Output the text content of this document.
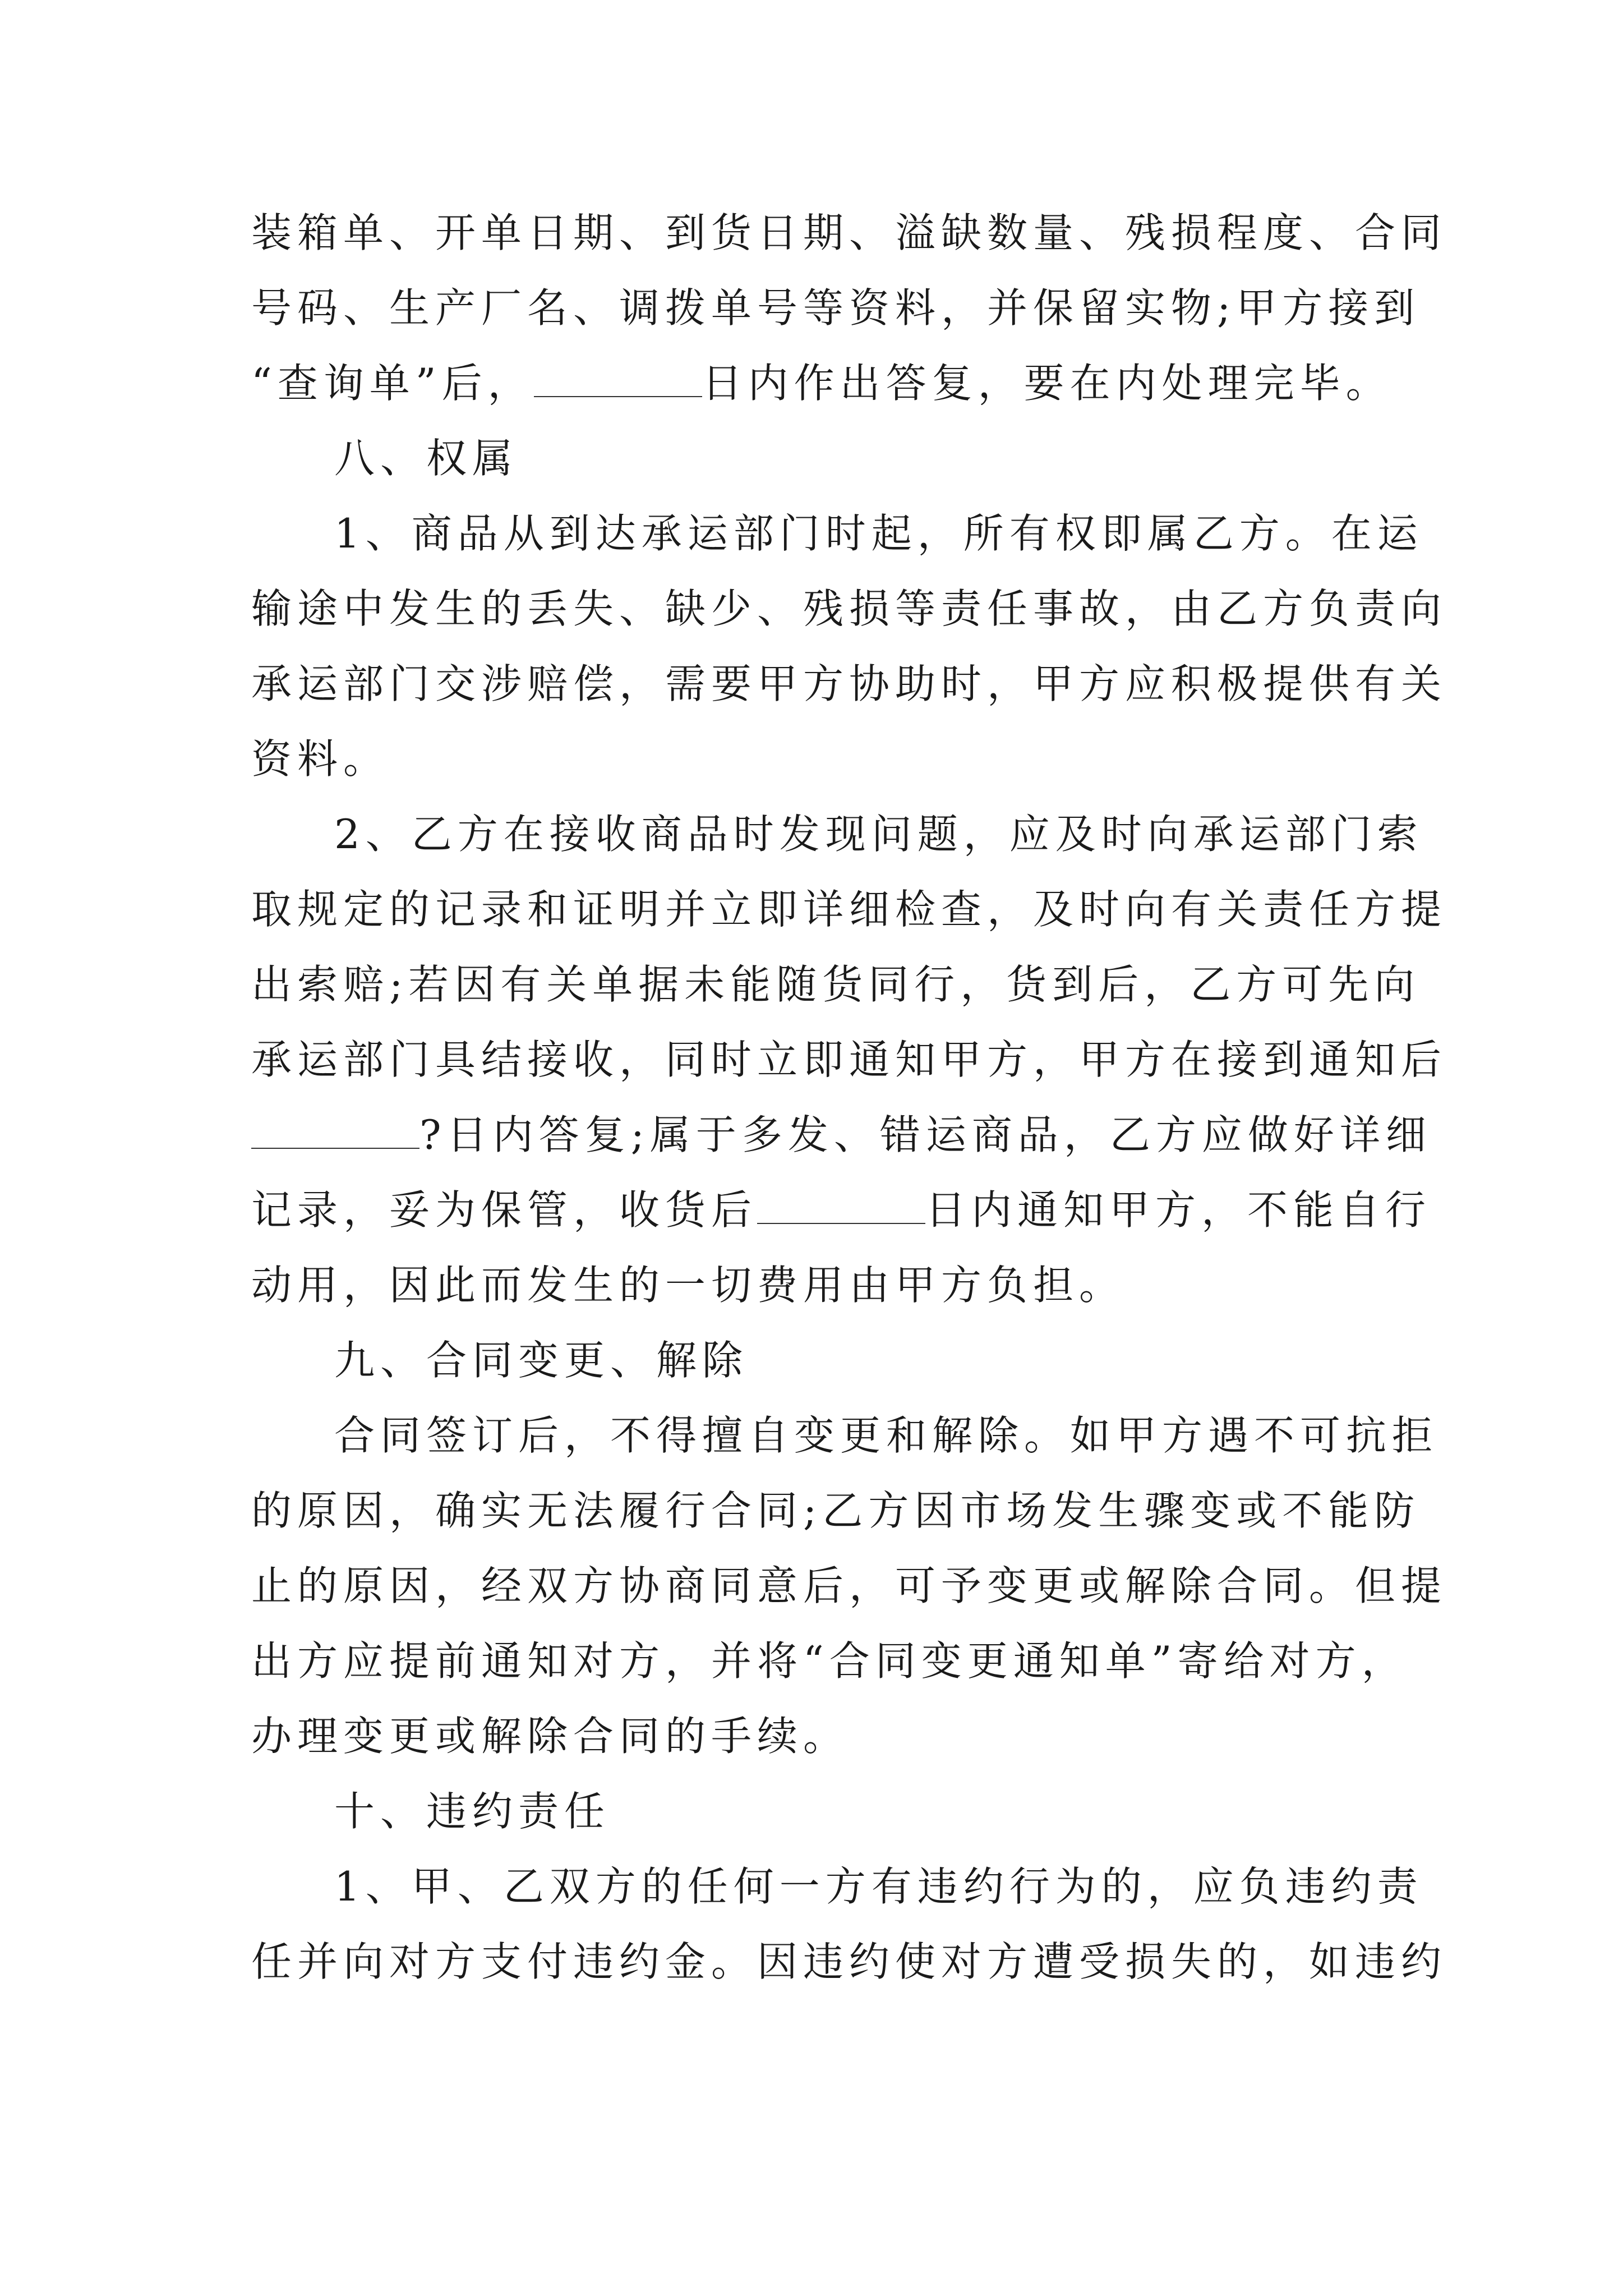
装箱单、开单日期、到货日期、溢缺数量、残损程度、合同
号码、生产厂名、调拨单号等资料，并保留实物;甲方接到
“查询单”后，	日内作出答复，要在内处理完毕。
八、权属
1、商品从到达承运部门时起，所有权即属乙方。在运
输途中发生的丢失、缺少、残损等责任事故，由乙方负责向
承运部门交涉赔偿，需要甲方协助时，甲方应积极提供有关
资料。
2、乙方在接收商品时发现问题，应及时向承运部门索
取规定的记录和证明并立即详细检查，及时向有关责任方提
出索赔;若因有关单据未能随货同行，货到后，乙方可先向
承运部门具结接收，同时立即通知甲方，甲方在接到通知后
?日内答复;属于多发、错运商品，乙方应做好详细
记录，妥为保管，收货后	日内通知甲方，不能自行
动用，因此而发生的一切费用由甲方负担。
九、合同变更、解除
合同签订后，不得擅自变更和解除。如甲方遇不可抗拒
的原因，确实无法履行合同;乙方因市场发生骤变或不能防
止的原因，经双方协商同意后，可予变更或解除合同。但提
出方应提前通知对方，并将“合同变更通知单”寄给对方，
办理变更或解除合同的手续。
十、违约责任
1、甲、乙双方的任何一方有违约行为的，应负违约责
任并向对方支付违约金。因违约使对方遭受损失的，如违约
